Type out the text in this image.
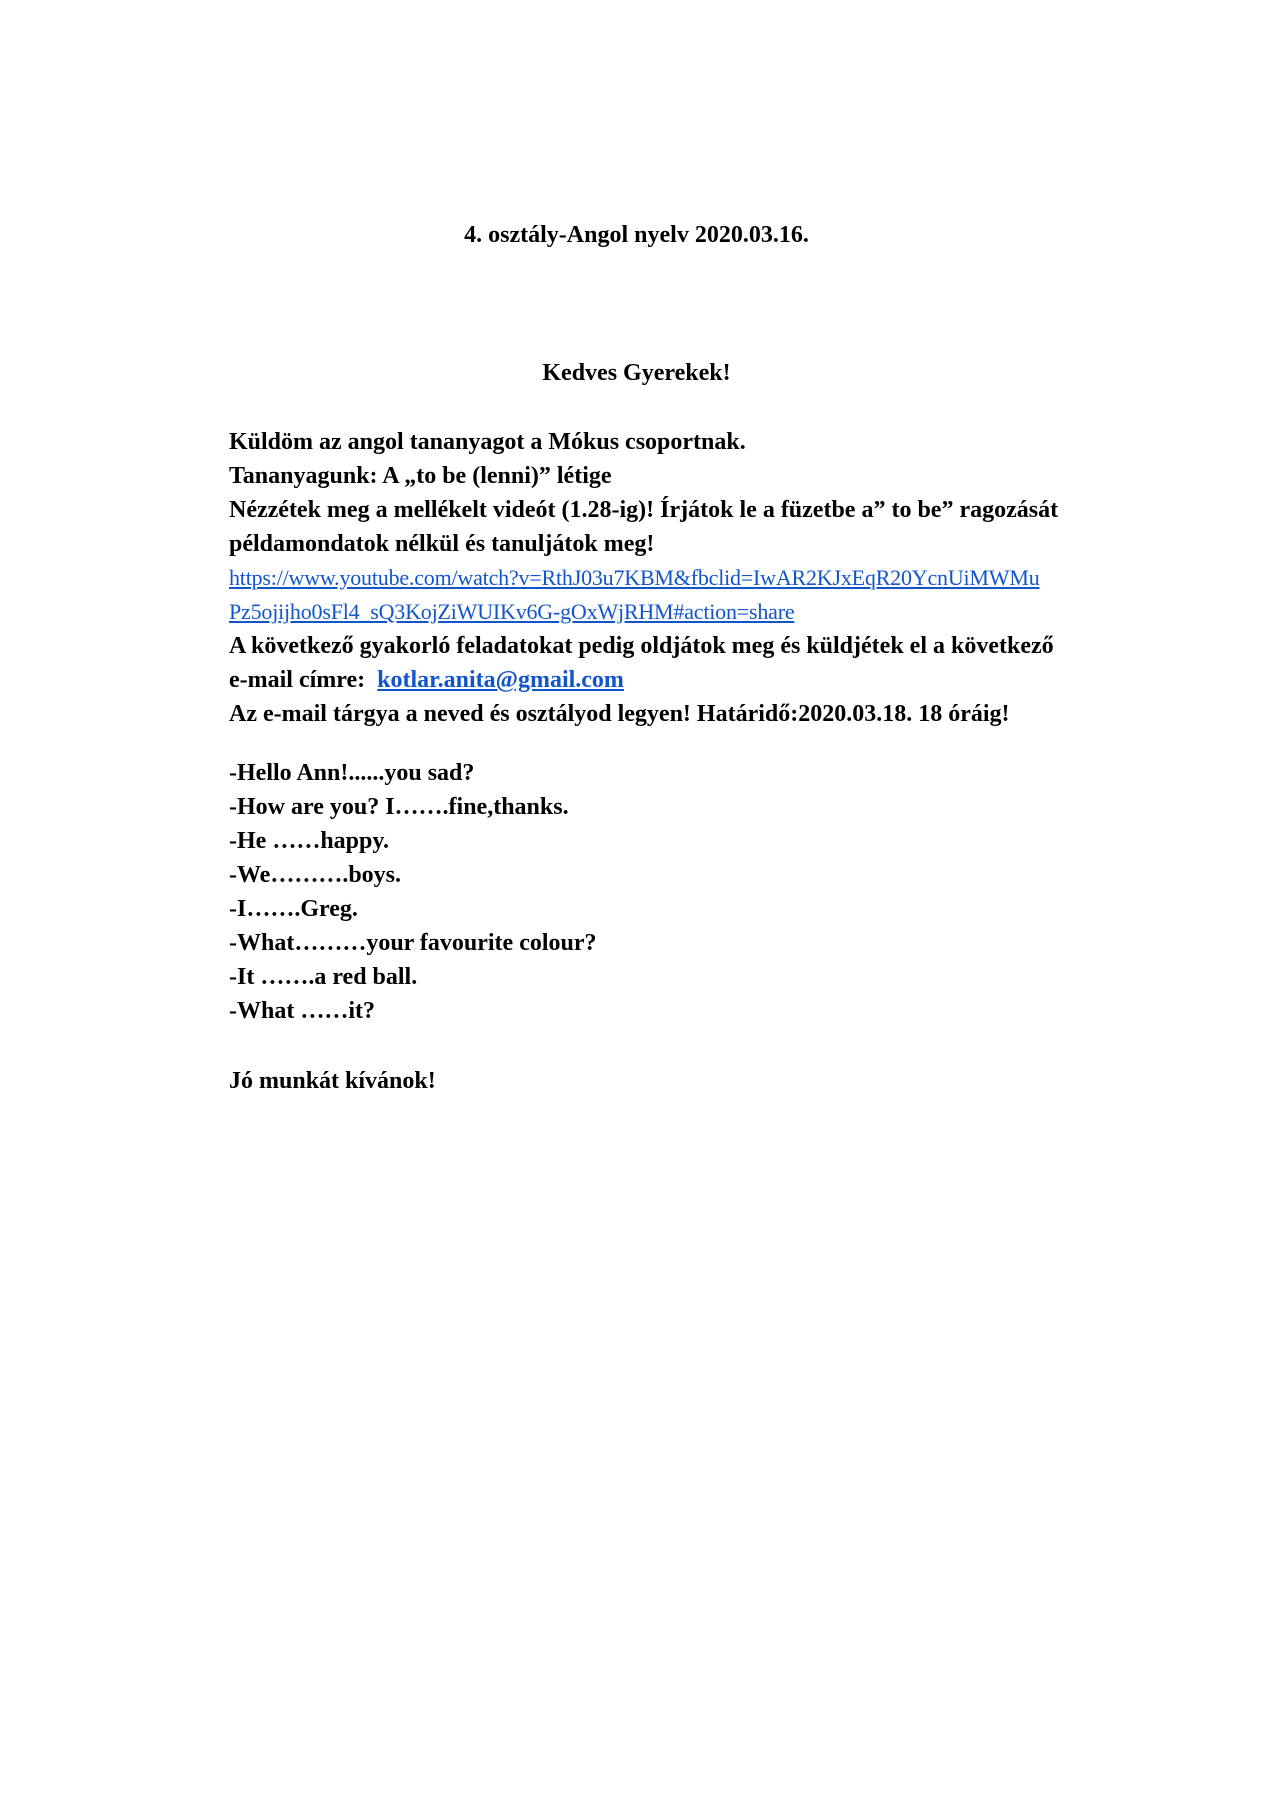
4. osztály-Angol nyelv 2020.03.16.
Kedves Gyerekek!
Küldöm az angol tananyagot a Mókus csoportnak.
Tananyagunk: A „to be (lenni)” létige
Nézzétek meg a mellékelt videót (1.28-ig)! Írjátok le a füzetbe a” to be” ragozását
példamondatok nélkül és tanuljátok meg!
https://www.youtube.com/watch?v=RthJ03u7KBM&fbclid=IwAR2KJxEqR20YcnUiMWMu
Pz5ojijho0sFl4_sQ3KojZiWUIKv6G-gOxWjRHM#action=share
A következő gyakorló feladatokat pedig oldjátok meg és küldjétek el a következő
e-mail címre:  kotlar.anita@gmail.com
Az e-mail tárgya a neved és osztályod legyen! Határidő:2020.03.18. 18 óráig!
-Hello Ann!......you sad?
-How are you? I…….fine,thanks.
-He ……happy.
-We……….boys.
-I…….Greg.
-What………your favourite colour?
-It …….a red ball.
-What ……it?
Jó munkát kívánok!
